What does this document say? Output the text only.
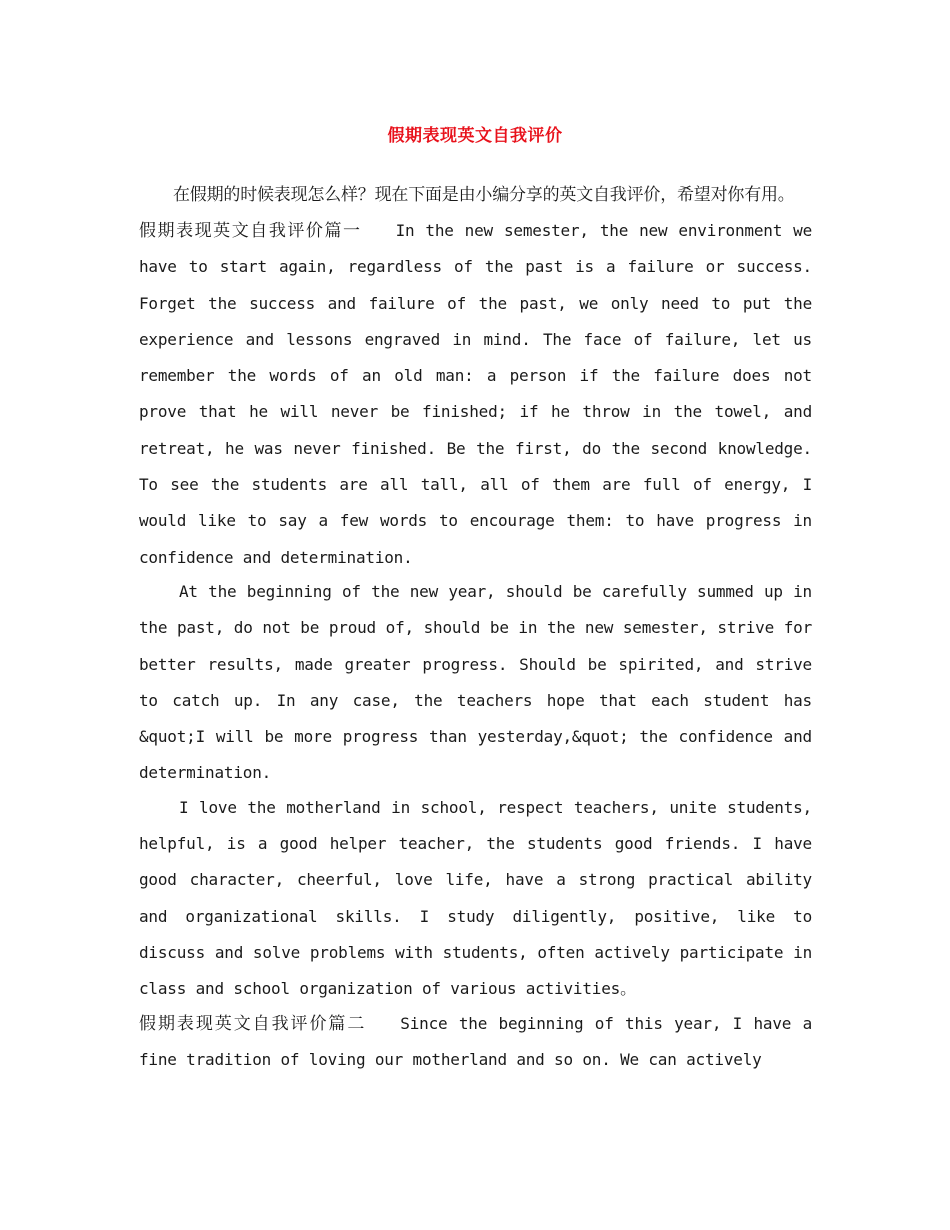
假期表现英文自我评价

在假期的时候表现怎么样？现在下面是由小编分享的英文自我评价，希望对你有用。

假期表现英文自我评价篇一 In the new semester, the new environment we have to start again, regardless of the past is a failure or success. Forget the success and failure of the past, we only need to put the experience and lessons engraved in mind. The face of failure, let us remember the words of an old man: a person if the failure does not prove that he will never be finished; if he throw in the towel, and retreat, he was never finished. Be the first, do the second knowledge. To see the students are all tall, all of them are full of energy, I would like to say a few words to encourage them: to have progress in confidence and determination.

At the beginning of the new year, should be carefully summed up in the past, do not be proud of, should be in the new semester, strive for better results, made greater progress. Should be spirited, and strive to catch up. In any case, the teachers hope that each student has &quot;I will be more progress than yesterday,&quot; the confidence and determination.

I love the motherland in school, respect teachers, unite students, helpful, is a good helper teacher, the students good friends. I have good character, cheerful, love life, have a strong practical ability and organizational skills. I study diligently, positive, like to discuss and solve problems with students, often actively participate in class and school organization of various activities。

假期表现英文自我评价篇二 Since the beginning of this year, I have a fine tradition of loving our motherland and so on. We can actively
